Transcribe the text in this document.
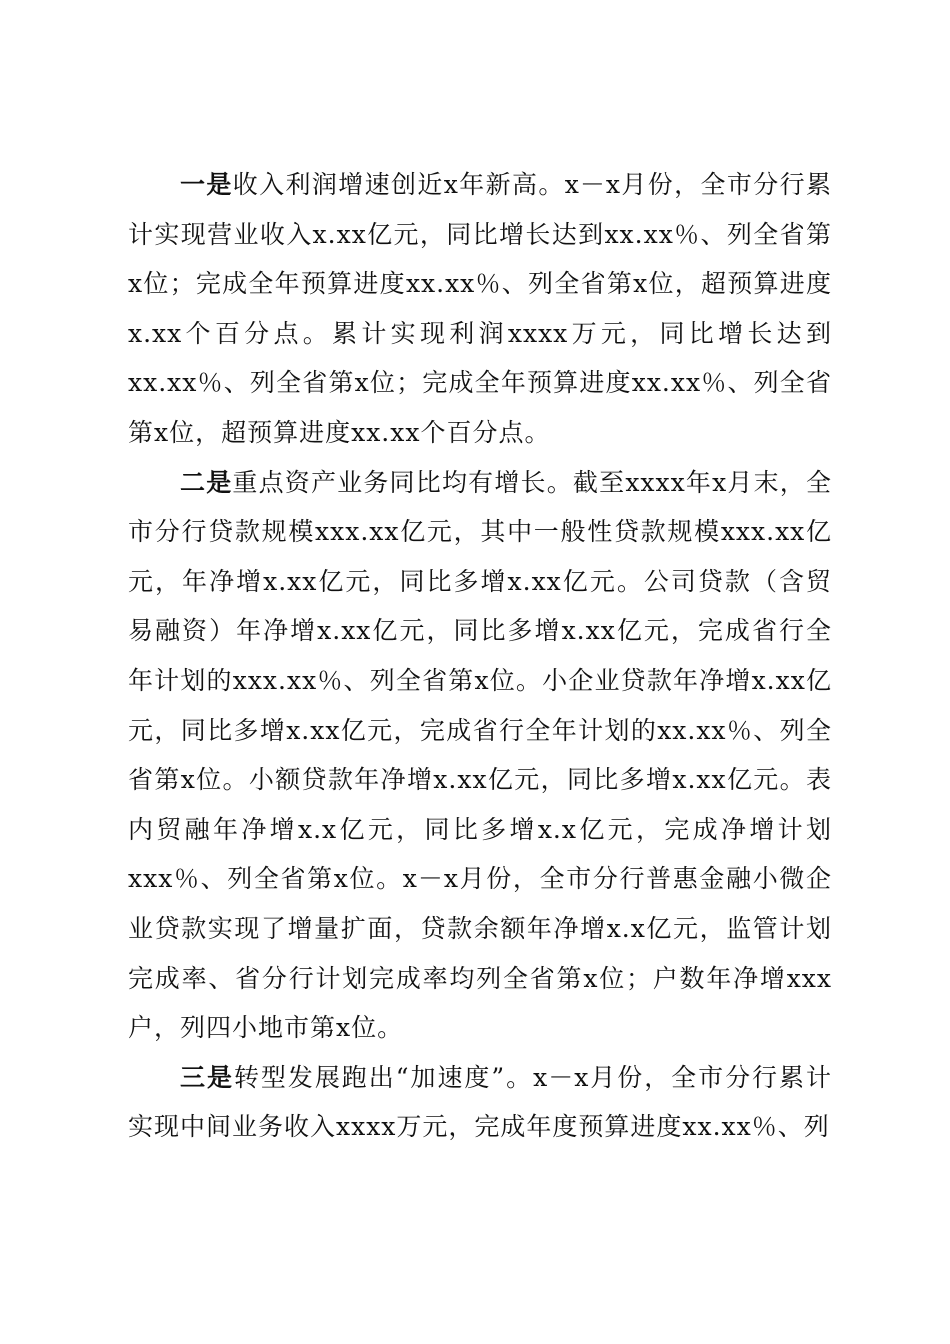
一是收入利润增速创近x年新高。x－x月份，全市分行累计实现营业收入x.xx亿元，同比增长达到xx.xx％、列全省第x位；完成全年预算进度xx.xx％、列全省第x位，超预算进度x.xx个百分点。累计实现利润xxxx万元，同比增长达到xx.xx％、列全省第x位；完成全年预算进度xx.xx％、列全省第x位，超预算进度xx.xx个百分点。

二是重点资产业务同比均有增长。截至xxxx年x月末，全市分行贷款规模xxx.xx亿元，其中一般性贷款规模xxx.xx亿元，年净增x.xx亿元，同比多增x.xx亿元。公司贷款（含贸易融资）年净增x.xx亿元，同比多增x.xx亿元，完成省行全年计划的xxx.xx％、列全省第x位。小企业贷款年净增x.xx亿元，同比多增x.xx亿元，完成省行全年计划的xx.xx％、列全省第x位。小额贷款年净增x.xx亿元，同比多增x.xx亿元。表内贸融年净增x.x亿元，同比多增x.x亿元，完成净增计划xxx％、列全省第x位。x－x月份，全市分行普惠金融小微企业贷款实现了增量扩面，贷款余额年净增x.x亿元，监管计划完成率、省分行计划完成率均列全省第x位；户数年净增xxx户，列四小地市第x位。

三是转型发展跑出“加速度”。x－x月份，全市分行累计实现中间业务收入xxxx万元，完成年度预算进度xx.xx％、列
